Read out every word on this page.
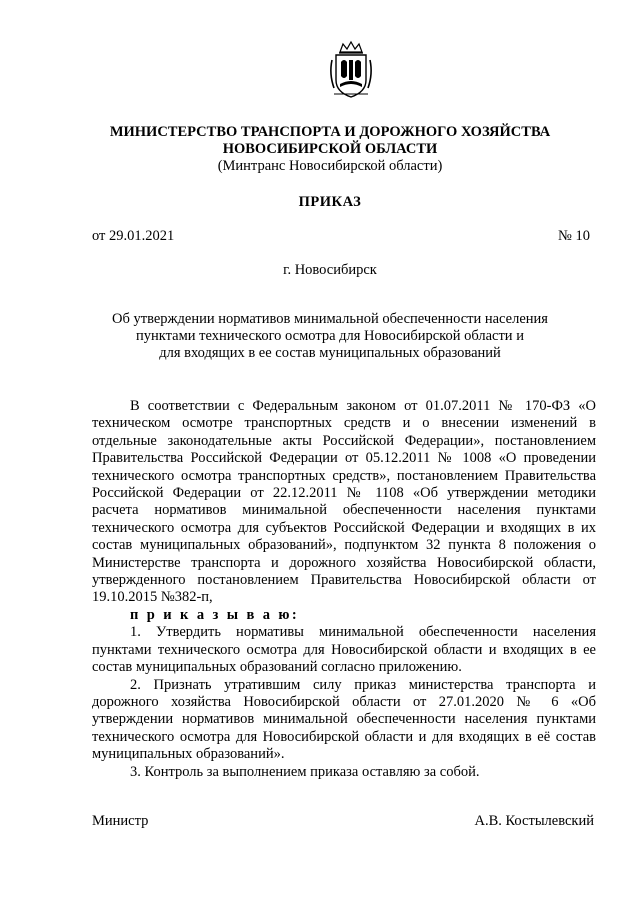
МИНИСТЕРСТВО ТРАНСПОРТА И ДОРОЖНОГО ХОЗЯЙСТВА
НОВОСИБИРСКОЙ ОБЛАСТИ
(Минтранс Новосибирской области)
ПРИКАЗ
от 29.01.2021	№ 10
г. Новосибирск
Об утверждении нормативов минимальной обеспеченности населения
пунктами технического осмотра для Новосибирской области и
для входящих в ее состав муниципальных образований

В соответствии с Федеральным законом от 01.07.2011 № 170-ФЗ «О техническом осмотре транспортных средств и о внесении изменений в отдельные законодательные акты Российской Федерации», постановлением Правительства Российской Федерации от 05.12.2011 № 1008 «О проведении технического осмотра транспортных средств», постановлением Правительства Российской Федерации от 22.12.2011 № 1108 «Об утверждении методики расчета нормативов минимальной обеспеченности населения пунктами технического осмотра для субъектов Российской Федерации и входящих в их состав муниципальных образований», подпунктом 32 пункта 8 положения о Министерстве транспорта и дорожного хозяйства Новосибирской области, утвержденного постановлением Правительства Новосибирской области от 19.10.2015 №382-п,

п р и к а з ы в а ю:

1. Утвердить нормативы минимальной обеспеченности населения пунктами технического осмотра для Новосибирской области и входящих в ее состав муниципальных образований согласно приложению.

2. Признать утратившим силу приказ министерства транспорта и дорожного хозяйства Новосибирской области от 27.01.2020 № 6 «Об утверждении нормативов минимальной обеспеченности населения пунктами технического осмотра для Новосибирской области и для входящих в её состав муниципальных образований».

3. Контроль за выполнением приказа оставляю за собой.

Министр	А.В. Костылевский
